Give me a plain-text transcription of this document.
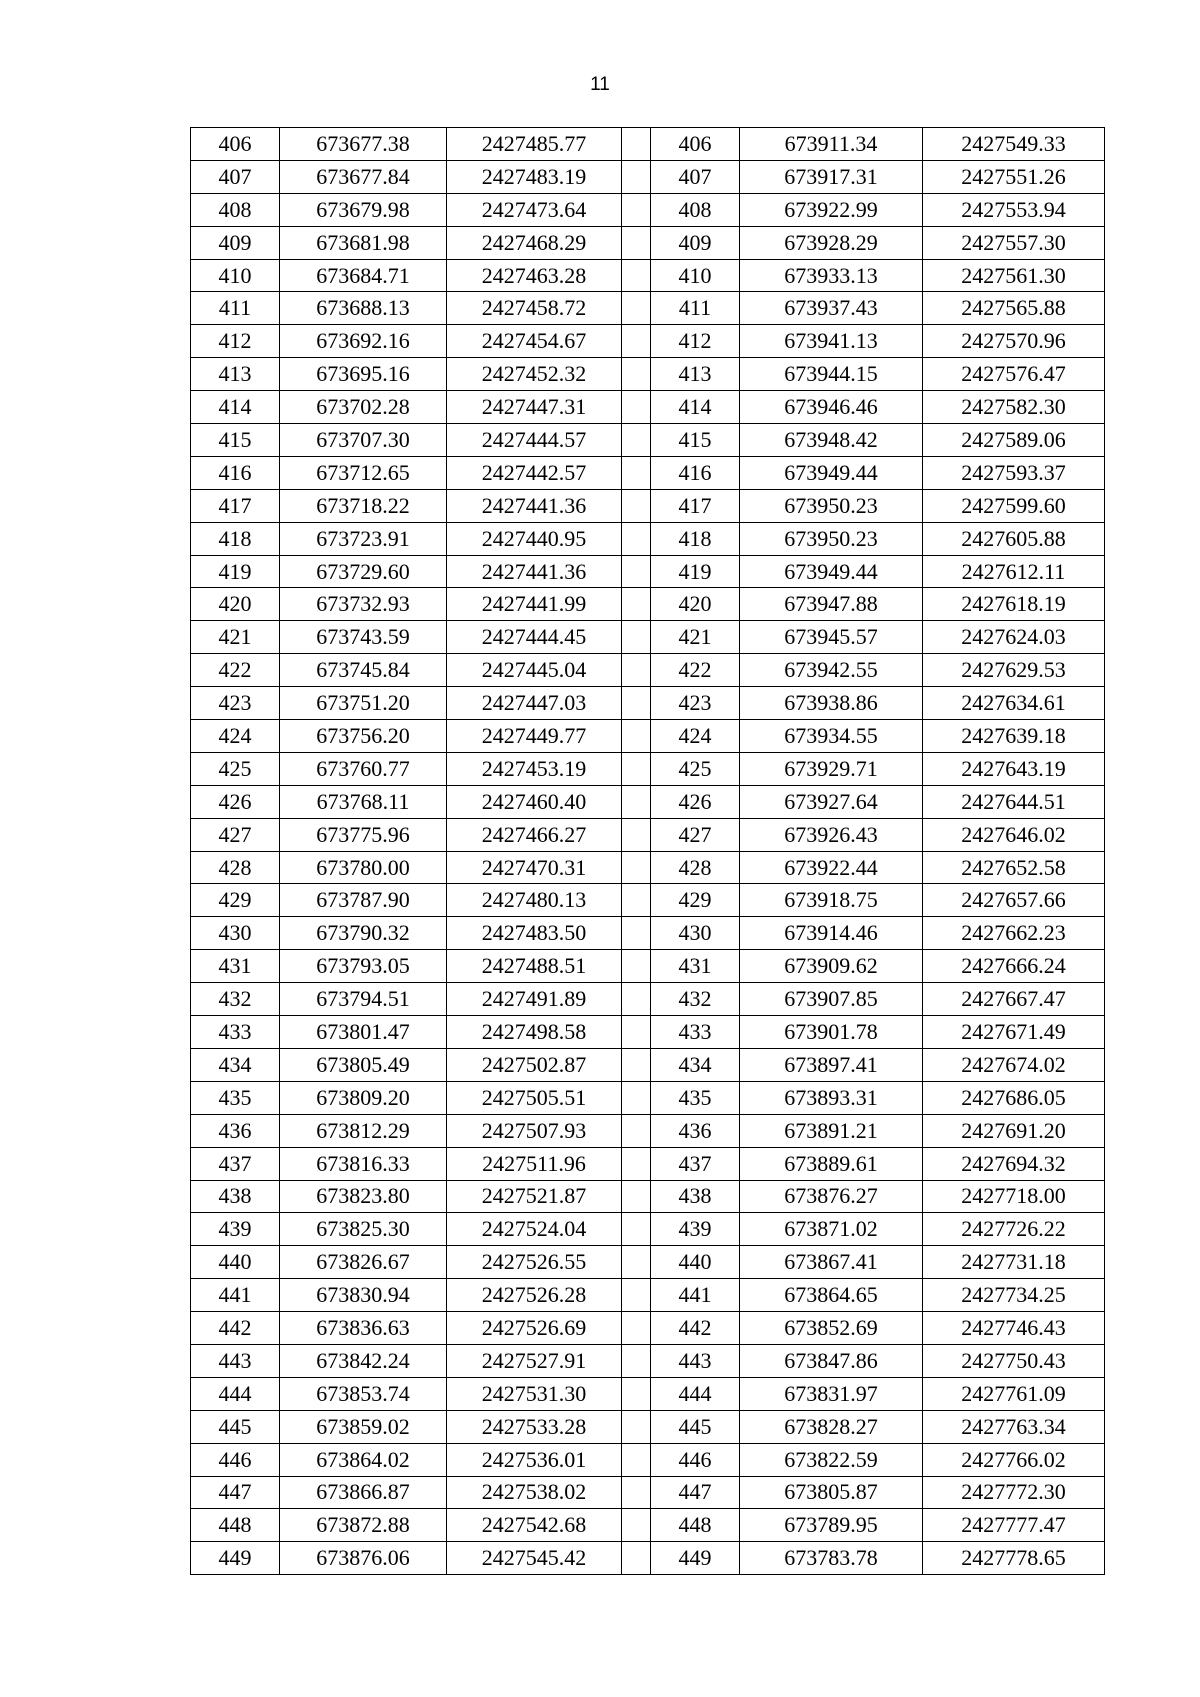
11
406	673677.38	2427485.77		406	673911.34	2427549.33
407	673677.84	2427483.19		407	673917.31	2427551.26
408	673679.98	2427473.64		408	673922.99	2427553.94
409	673681.98	2427468.29		409	673928.29	2427557.30
410	673684.71	2427463.28		410	673933.13	2427561.30
411	673688.13	2427458.72		411	673937.43	2427565.88
412	673692.16	2427454.67		412	673941.13	2427570.96
413	673695.16	2427452.32		413	673944.15	2427576.47
414	673702.28	2427447.31		414	673946.46	2427582.30
415	673707.30	2427444.57		415	673948.42	2427589.06
416	673712.65	2427442.57		416	673949.44	2427593.37
417	673718.22	2427441.36		417	673950.23	2427599.60
418	673723.91	2427440.95		418	673950.23	2427605.88
419	673729.60	2427441.36		419	673949.44	2427612.11
420	673732.93	2427441.99		420	673947.88	2427618.19
421	673743.59	2427444.45		421	673945.57	2427624.03
422	673745.84	2427445.04		422	673942.55	2427629.53
423	673751.20	2427447.03		423	673938.86	2427634.61
424	673756.20	2427449.77		424	673934.55	2427639.18
425	673760.77	2427453.19		425	673929.71	2427643.19
426	673768.11	2427460.40		426	673927.64	2427644.51
427	673775.96	2427466.27		427	673926.43	2427646.02
428	673780.00	2427470.31		428	673922.44	2427652.58
429	673787.90	2427480.13		429	673918.75	2427657.66
430	673790.32	2427483.50		430	673914.46	2427662.23
431	673793.05	2427488.51		431	673909.62	2427666.24
432	673794.51	2427491.89		432	673907.85	2427667.47
433	673801.47	2427498.58		433	673901.78	2427671.49
434	673805.49	2427502.87		434	673897.41	2427674.02
435	673809.20	2427505.51		435	673893.31	2427686.05
436	673812.29	2427507.93		436	673891.21	2427691.20
437	673816.33	2427511.96		437	673889.61	2427694.32
438	673823.80	2427521.87		438	673876.27	2427718.00
439	673825.30	2427524.04		439	673871.02	2427726.22
440	673826.67	2427526.55		440	673867.41	2427731.18
441	673830.94	2427526.28		441	673864.65	2427734.25
442	673836.63	2427526.69		442	673852.69	2427746.43
443	673842.24	2427527.91		443	673847.86	2427750.43
444	673853.74	2427531.30		444	673831.97	2427761.09
445	673859.02	2427533.28		445	673828.27	2427763.34
446	673864.02	2427536.01		446	673822.59	2427766.02
447	673866.87	2427538.02		447	673805.87	2427772.30
448	673872.88	2427542.68		448	673789.95	2427777.47
449	673876.06	2427545.42		449	673783.78	2427778.65
